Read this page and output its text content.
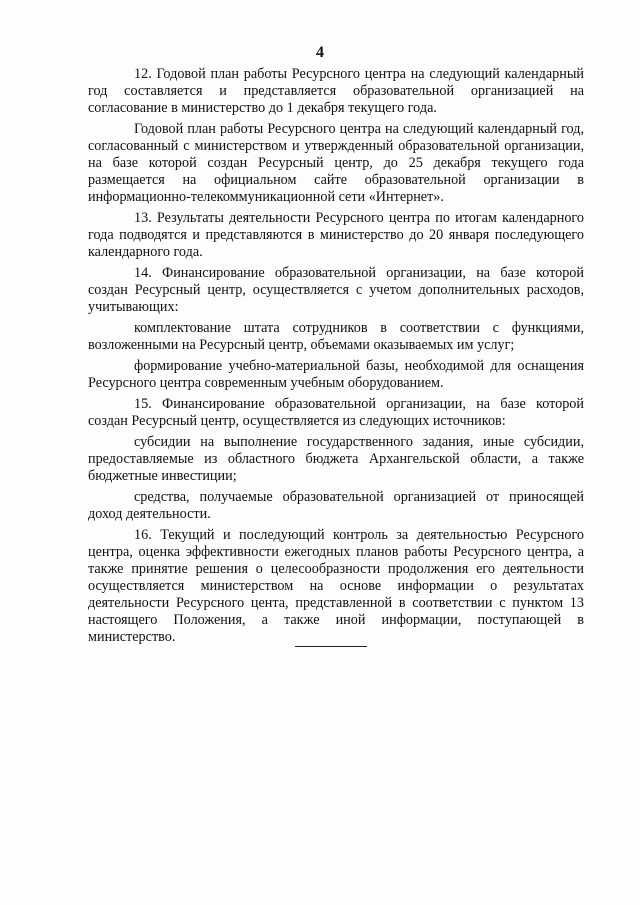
4

12. Годовой план работы Ресурсного центра на следующий календарный год составляется и представляется образовательной организацией на согласование в министерство до 1 декабря текущего года.

Годовой план работы Ресурсного центра на следующий календарный год, согласованный с министерством и утвержденный образовательной организации, на базе которой создан Ресурсный центр, до 25 декабря текущего года размещается на официальном сайте образовательной организации в информационно-телекоммуникационной сети «Интернет».

13. Результаты деятельности Ресурсного центра по итогам календарного года подводятся и представляются в министерство до 20 января последующего календарного года.

14. Финансирование образовательной организации, на базе которой создан Ресурсный центр, осуществляется с учетом дополнительных расходов, учитывающих:

комплектование штата сотрудников в соответствии с функциями, возложенными на Ресурсный центр, объемами оказываемых им услуг;

формирование учебно-материальной базы, необходимой для оснащения Ресурсного центра современным учебным оборудованием.

15. Финансирование образовательной организации, на базе которой создан Ресурсный центр, осуществляется из следующих источников:

субсидии на выполнение государственного задания, иные субсидии, предоставляемые из областного бюджета Архангельской области, а также бюджетные инвестиции;

средства, получаемые образовательной организацией от приносящей доход деятельности.

16. Текущий и последующий контроль за деятельностью Ресурсного центра, оценка эффективности ежегодных планов работы Ресурсного центра, а также принятие решения о целесообразности продолжения его деятельности осуществляется министерством на основе информации о результатах деятельности Ресурсного цента, представленной в соответствии с пунктом 13 настоящего Положения, а также иной информации, поступающей в министерство.
